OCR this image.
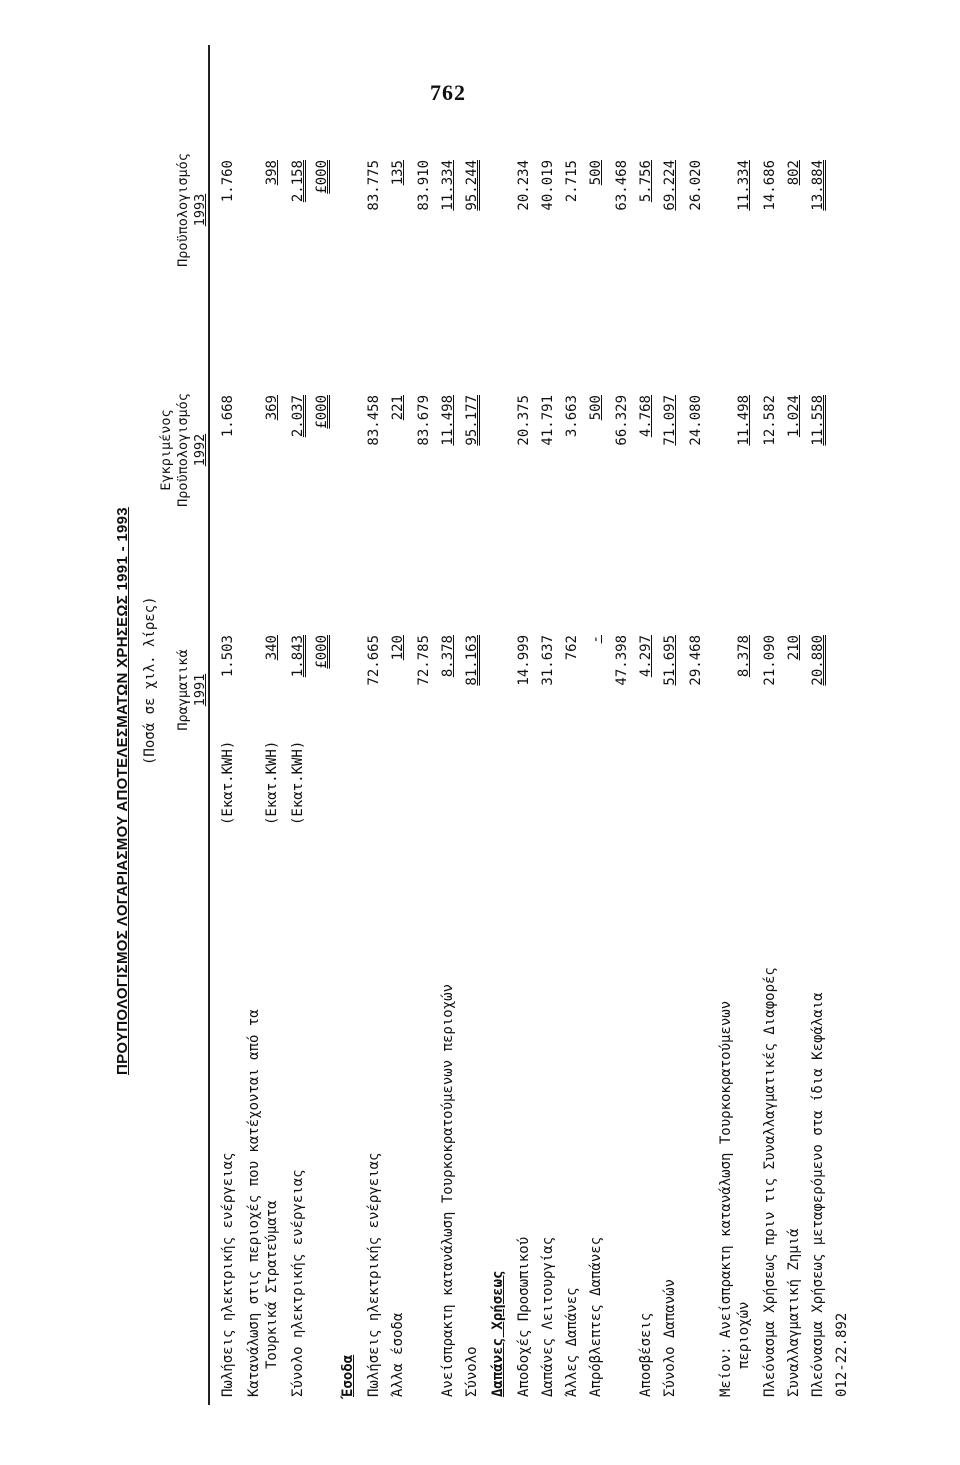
762
ΠΡΟΥΠΟΛΟΓΙΣΜΟΣ ΛΟΓΑΡΙΑΣΜΟΥ ΑΠΟΤΕΛΕΣΜΑΤΩΝ ΧΡΗΣΕΩΣ 1991 - 1993 (Ποσά σε χιλ. λίρες)
Πραγματικά 1991
Εγκριμένος Προϋπολογισμός 1992

Προϋπολογισμός 1993
Πωλήσεις ηλεκτρικής ενέργειας
(Εκατ.KWH)
1.503
1.668
1.760
Κατανάλωση στις περιοχές που κατέχονται από τα Τουρκικά Στρατεύματα
(Εκατ.KWH)
340
369
398
Σύνολο ηλεκτρικής ενέργειας
(Εκατ.KWH)
1.843
2.037
2.158
£000
£000
£000
Έσοδα Πωλήσεις ηλεκτρικής ενέργειας
72.665
83.458
83.775
Άλλα έσοδα
120
221
135
72.785
83.679
83.910
Ανείσπρακτη κατανάλωση Τουρκοκρατούμενων περιοχών
8.378
11.498
11.334
Σύνολο
81.163
95.177
95.244
Δαπάνες Χρήσεως Αποδοχές Προσωπικού
14.999
20.375
20.234
Δαπάνες Λειτουργίας
31.637
41.791
40.019
Άλλες Δαπάνες
762
3.663
2.715
Απρόβλεπτες Δαπάνες
-
500
500
47.398
66.329
63.468
Αποσβέσεις
4.297
4.768
5.756
Σύνολο Δαπανών
51.695
71.097
69.224
29.468
24.080
26.020
Μείον: Ανείσπρακτη κατανάλωση Τουρκοκρατούμενων περιοχών
8.378
11.498
11.334
Πλεόνασμα Χρήσεως πριν τις Συναλλαγματικές Διαφορές
21.090
12.582
14.686
Συναλλαγματική Ζημιά
210
1.024
802
Πλεόνασμα Χρήσεως μεταφερόμενο στα ίδια Κεφάλαια
20.880
11.558
13.884
012-22.892
